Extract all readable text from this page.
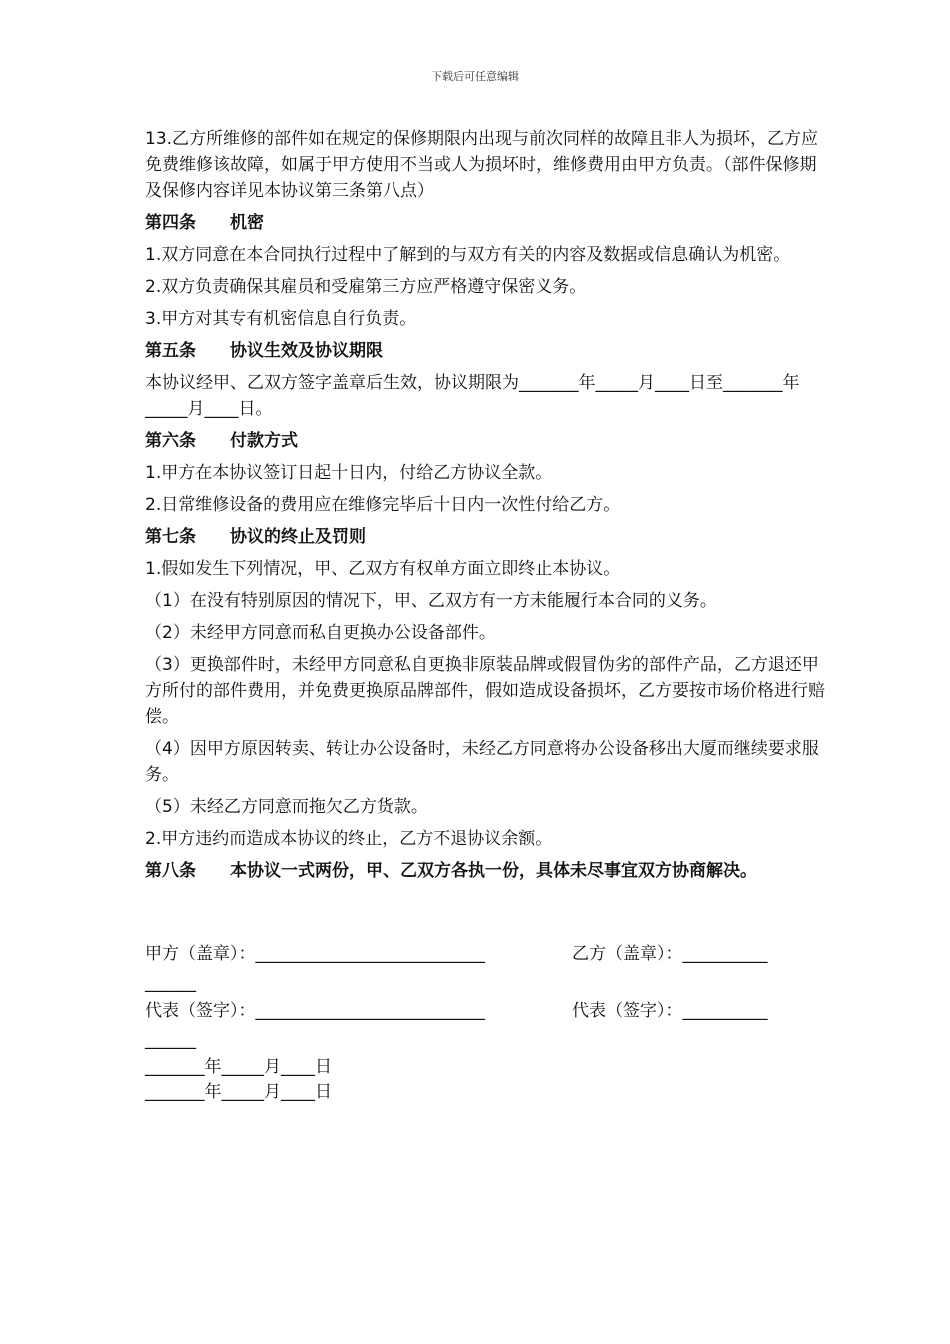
下载后可任意编辑

13.乙方所维修的部件如在规定的保修期限内出现与前次同样的故障且非人为损坏，乙方应免费维修该故障，如属于甲方使用不当或人为损坏时，维修费用由甲方负责。（部件保修期及保修内容详见本协议第三条第八点）

第四条　　机密

1.双方同意在本合同执行过程中了解到的与双方有关的内容及数据或信息确认为机密。

2.双方负责确保其雇员和受雇第三方应严格遵守保密义务。

3.甲方对其专有机密信息自行负责。

第五条　　协议生效及协议期限

本协议经甲、乙双方签字盖章后生效，协议期限为_______年_____月____日至_______年_____月____日。

第六条　　付款方式

1.甲方在本协议签订日起十日内，付给乙方协议全款。

2.日常维修设备的费用应在维修完毕后十日内一次性付给乙方。

第七条　　协议的终止及罚则

1.假如发生下列情况，甲、乙双方有权单方面立即终止本协议。

（1）在没有特别原因的情况下，甲、乙双方有一方未能履行本合同的义务。

（2）未经甲方同意而私自更换办公设备部件。

（3）更换部件时，未经甲方同意私自更换非原装品牌或假冒伪劣的部件产品，乙方退还甲方所付的部件费用，并免费更换原品牌部件，假如造成设备损坏，乙方要按市场价格进行赔偿。

（4）因甲方原因转卖、转让办公设备时，未经乙方同意将办公设备移出大厦而继续要求服务。

（5）未经乙方同意而拖欠乙方货款。

2.甲方违约而造成本协议的终止，乙方不退协议余额。

第八条　　本协议一式两份，甲、乙双方各执一份，具体未尽事宜双方协商解决。

甲方（盖章）：___________________________	乙方（盖章）：__________
______
代表（签字）：___________________________	代表（签字）：__________
______
_______年_____月____日
_______年_____月____日
